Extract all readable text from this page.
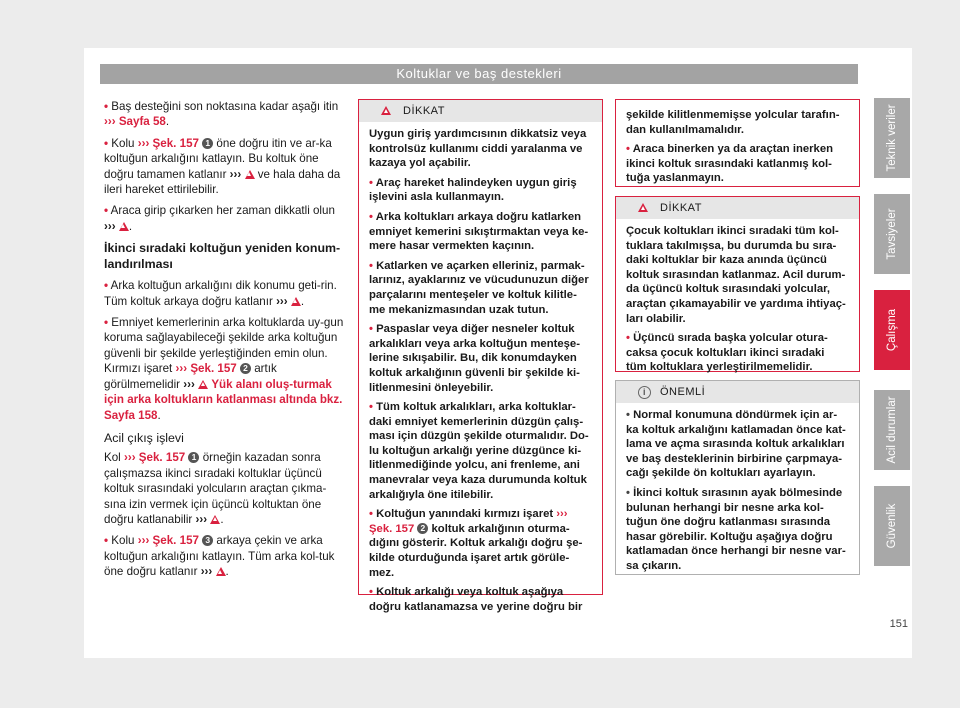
Koltuklar ve baş destekleri
Teknik veriler
Tavsiyeler
Çalışma
Acil durumlar
Güvenlik
151

• Baş desteğini son noktasına kadar aşağı itin ››› Sayfa 58.

• Kolu ››› Şek. 157 1 öne doğru itin ve ar-ka koltuğun arkalığını katlayın. Bu koltuk öne doğru tamamen katlanır ›››  ve hala daha da ileri hareket ettirilebilir.

• Araca girip çıkarken her zaman dikkatli olun ››› .

İkinci sıradaki koltuğun yeniden konum-landırılması

• Arka koltuğun arkalığını dik konumu geti-rin. Tüm koltuk arkaya doğru katlanır ››› .

• Emniyet kemerlerinin arka koltuklarda uy-gun koruma sağlayabileceği şekilde arka koltuğun güvenli bir şekilde yerleştiğinden emin olun. Kırmızı işaret ››› Şek. 157 2 artık görülmemelidir ››› Yük alanı oluş-turmak için arka koltukların katlanması altında bkz. Sayfa 158.

Acil çıkış işlevi

Kol ››› Şek. 157 1 örneğin kazadan sonra çalışmazsa ikinci sıradaki koltuklar üçüncü koltuk sırasındaki yolcuların araçtan çıkma-sına izin vermek için üçüncü koltuktan öne doğru katlanabilir ››› .

• Kolu ››› Şek. 157 3 arkaya çekin ve arka koltuğun arkalığını katlayın. Tüm arka kol-tuk öne doğru katlanır ››› .

DİKKAT

Uygun giriş yardımcısının dikkatsiz veya kontrolsüz kullanımı ciddi yaralanma ve kazaya yol açabilir.

• Araç hareket halindeyken uygun giriş işlevini asla kullanmayın.

• Arka koltukları arkaya doğru katlarken emniyet kemerini sıkıştırmaktan veya ke-mere hasar vermekten kaçının.

• Katlarken ve açarken elleriniz, parmak-larınız, ayaklarınız ve vücudunuzun diğer parçalarını menteşeler ve koltuk kilitle-me mekanizmasından uzak tutun.

• Paspaslar veya diğer nesneler koltuk arkalıkları veya arka koltuğun menteşe-lerine sıkışabilir. Bu, dik konumdayken koltuk arkalığının güvenli bir şekilde ki-litlenmesini önleyebilir.

• Tüm koltuk arkalıkları, arka koltuklar-daki emniyet kemerlerinin düzgün çalış-ması için düzgün şekilde oturmalıdır. Do-lu koltuğun arkalığı yerine düzgünce ki-litlenmediğinde yolcu, ani frenleme, ani manevralar veya kaza durumunda koltuk arkalığıyla öne itilebilir.

• Koltuğun yanındaki kırmızı işaret ››› Şek. 157 2 koltuk arkalığının oturma-dığını gösterir. Koltuk arkalığı doğru şe-kilde oturduğunda işaret artık görüle-mez.

• Koltuk arkalığı veya koltuk aşağıya doğru katlanamazsa ve yerine doğru bir

şekilde kilitlenmemişse yolcular tarafın-dan kullanılmamalıdır.

• Araca binerken ya da araçtan inerken ikinci koltuk sırasındaki katlanmış kol-tuğa yaslanmayın.

DİKKAT

Çocuk koltukları ikinci sıradaki tüm kol-tuklara takılmışsa, bu durumda bu sıra-daki koltuklar bir kaza anında üçüncü koltuk sırasından katlanmaz. Acil durum-da üçüncü koltuk sırasındaki yolcular, araçtan çıkamayabilir ve yardıma ihtiyaç-ları olabilir.

• Üçüncü sırada başka yolcular otura-caksa çocuk koltukları ikinci sıradaki tüm koltuklara yerleştirilmemelidir.

i	ÖNEMLİ

• Normal konumuna döndürmek için ar-ka koltuk arkalığını katlamadan önce kat-lama ve açma sırasında koltuk arkalıkları ve baş desteklerinin birbirine çarpmaya-cağı şekilde ön koltukları ayarlayın.

• İkinci koltuk sırasının ayak bölmesinde bulunan herhangi bir nesne arka kol-tuğun öne doğru katlanması sırasında hasar görebilir. Koltuğu aşağıya doğru katlamadan önce herhangi bir nesne var-sa çıkarın.
